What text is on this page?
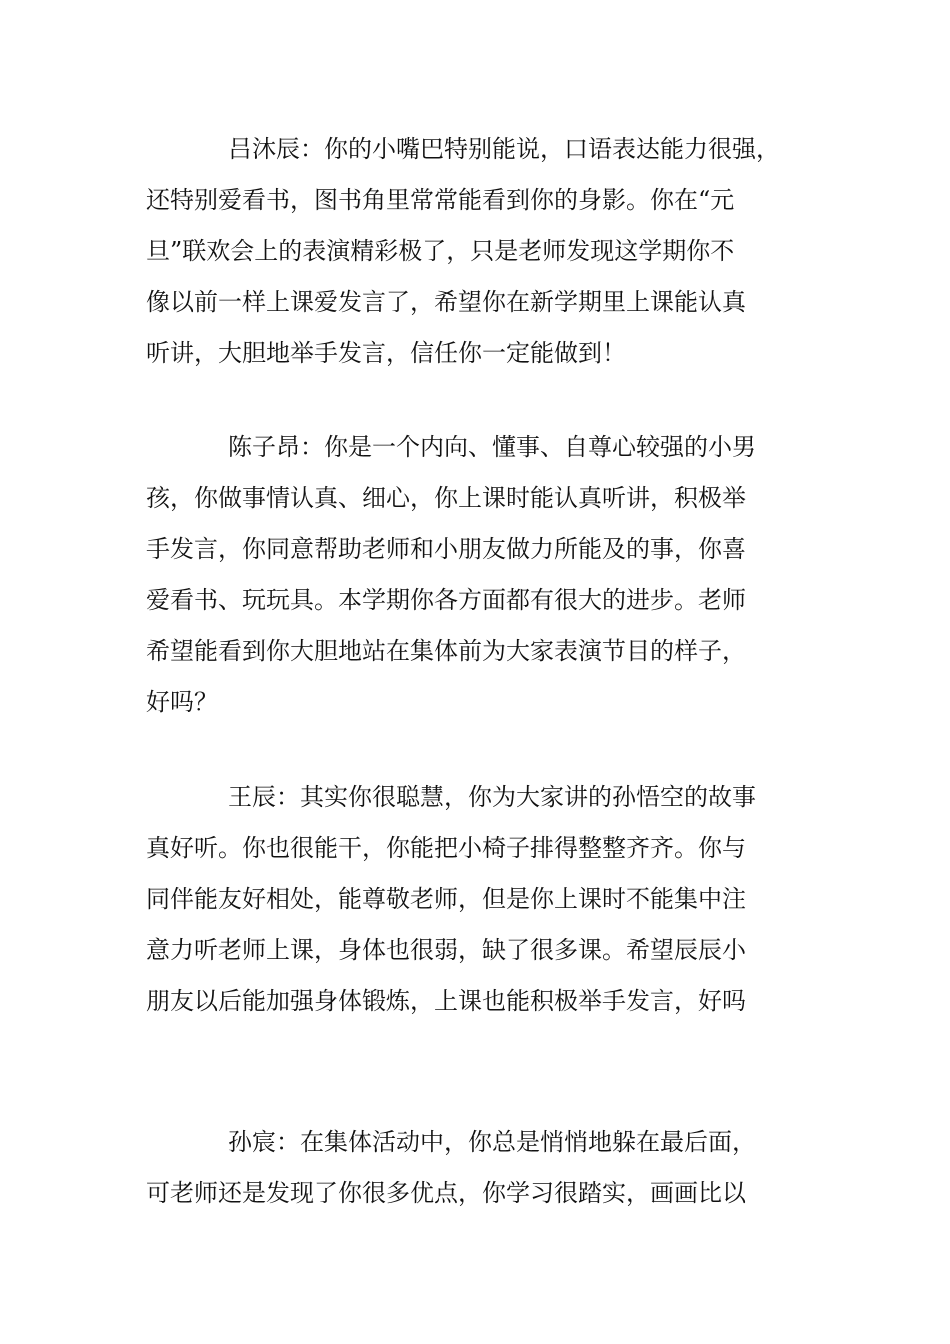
吕沐辰：你的小嘴巴特别能说，口语表达能力很强，
还特别爱看书，图书角里常常能看到你的身影。你在“元
旦”联欢会上的表演精彩极了，只是老师发现这学期你不
像以前一样上课爱发言了，希望你在新学期里上课能认真
听讲，大胆地举手发言，信任你一定能做到！
陈子昂：你是一个内向、懂事、自尊心较强的小男
孩，你做事情认真、细心，你上课时能认真听讲，积极举
手发言，你同意帮助老师和小朋友做力所能及的事，你喜
爱看书、玩玩具。本学期你各方面都有很大的进步。老师
希望能看到你大胆地站在集体前为大家表演节目的样子，
好吗？
王辰：其实你很聪慧，你为大家讲的孙悟空的故事
真好听。你也很能干，你能把小椅子排得整整齐齐。你与
同伴能友好相处，能尊敬老师，但是你上课时不能集中注
意力听老师上课，身体也很弱，缺了很多课。希望辰辰小
朋友以后能加强身体锻炼，上课也能积极举手发言，好吗
孙宸：在集体活动中，你总是悄悄地躲在最后面，
可老师还是发现了你很多优点，你学习很踏实，画画比以
